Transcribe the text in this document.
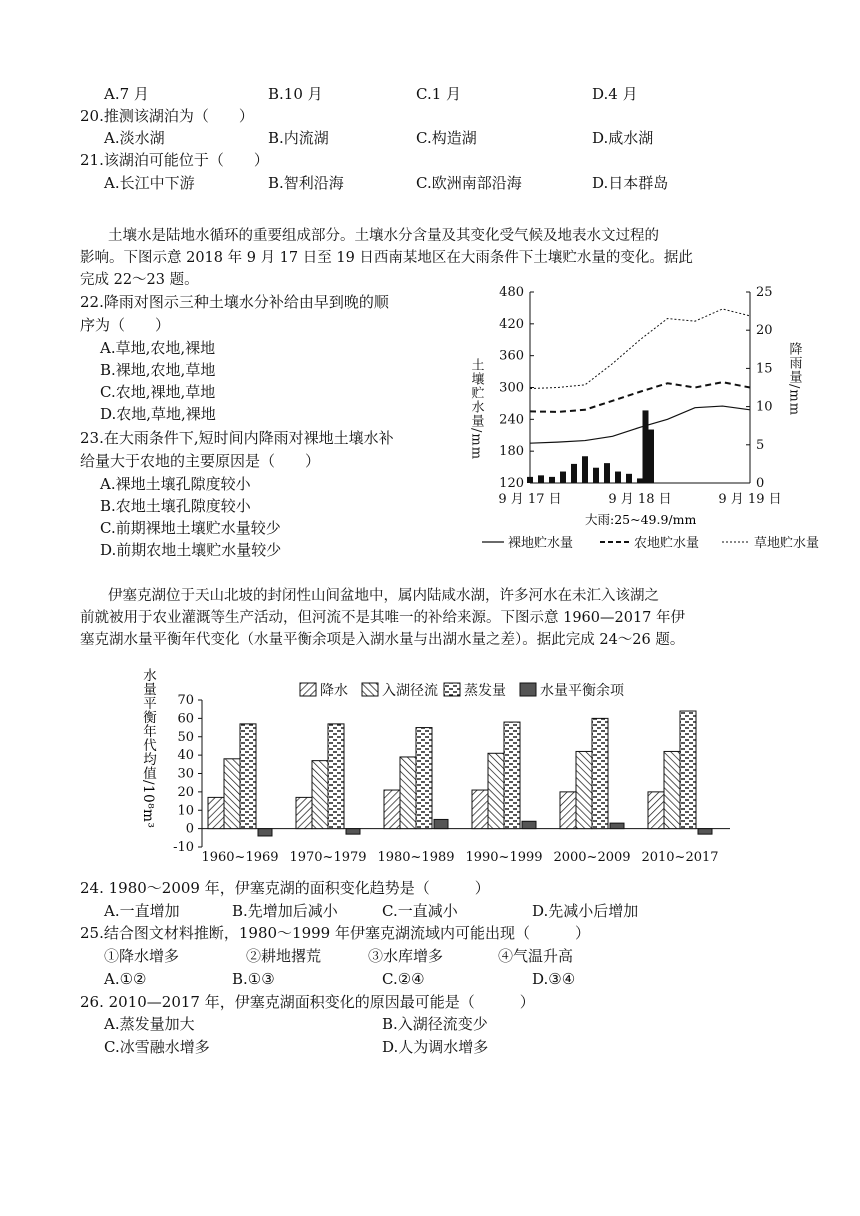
A.7 月	B.10 月	C.1 月	D.4 月
20.推测该湖泊为（　　）
A.淡水湖	B.内流湖	C.构造湖	D.咸水湖
21.该湖泊可能位于（　　）
A.长江中下游	B.智利沿海	C.欧洲南部沿海	D.日本群岛
土壤水是陆地水循环的重要组成部分。土壤水分含量及其变化受气候及地表水文过程的
影响。下图示意 2018 年 9 月 17 日至 19 日西南某地区在大雨条件下土壤贮水量的变化。据此
完成 22～23 题。
22.降雨对图示三种土壤水分补给由早到晚的顺
序为（　　）
A.草地,农地,裸地
B.裸地,农地,草地
C.农地,裸地,草地
D.农地,草地,裸地
23.在大雨条件下,短时间内降雨对裸地土壤水补
给量大于农地的主要原因是（　　）
A.裸地土壤孔隙度较小
B.农地土壤孔隙度较小
C.前期裸地土壤贮水量较少
D.前期农地土壤贮水量较少
土壤贮水量/mm	降雨量/mm
480
420
360
300
240
180
120
25
20
15
10
5
0
9 月 17 日	9 月 18 日	9 月 19 日
大雨:25~49.9/mm
裸地贮水量	农地贮水量	草地贮水量
伊塞克湖位于天山北坡的封闭性山间盆地中，属内陆咸水湖，许多河水在未汇入该湖之
前就被用于农业灌溉等生产活动，但河流不是其唯一的补给来源。下图示意 1960—2017 年伊
塞克湖水量平衡年代变化（水量平衡余项是入湖水量与出湖水量之差）。据此完成 24～26 题。
水量平衡年代均值/10⁸m³	降水 入湖径流 蒸发量 水量平衡余项
70
60
50
40
30
20
10
0
-10
1960~1969 1970~1979 1980~1989 1990~1999 2000~2009 2010~2017
24. 1980～2009 年，伊塞克湖的面积变化趋势是（　　　）
A.一直增加	B.先增加后减小	C.一直减小	D.先减小后增加
25.结合图文材料推断，1980～1999 年伊塞克湖流域内可能出现（　　　）
①降水增多	②耕地撂荒	③水库增多	④气温升高
A.①②	B.①③	C.②④	D.③④
26. 2010—2017 年，伊塞克湖面积变化的原因最可能是（　　　）
A.蒸发量加大	B.入湖径流变少
C.冰雪融水增多	D.人为调水增多
